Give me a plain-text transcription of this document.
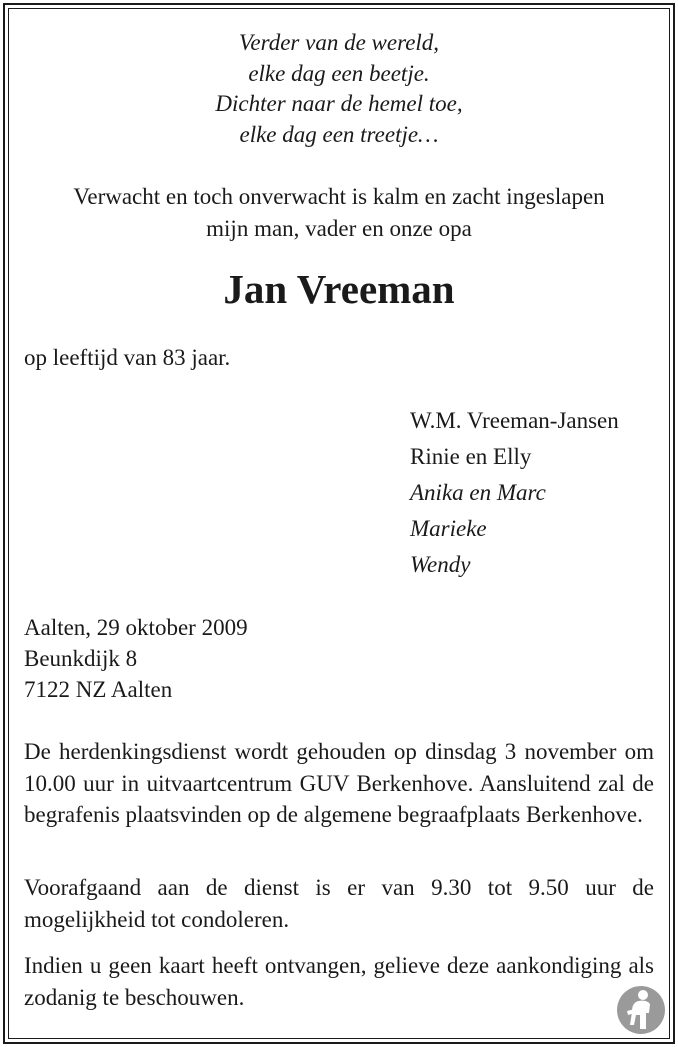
Verder van de wereld,
elke dag een beetje.
Dichter naar de hemel toe,
elke dag een treetje…
Verwacht en toch onverwacht is kalm en zacht ingeslapen
mijn man, vader en onze opa
Jan Vreeman
op leeftijd van 83 jaar.
W.M. Vreeman-Jansen
Rinie en Elly
Anika en Marc
Marieke
Wendy
Aalten, 29 oktober 2009
Beunkdijk 8
7122 NZ Aalten
De herdenkingsdienst wordt gehouden op dinsdag 3 november om 10.00 uur in uitvaartcentrum GUV Berkenhove. Aansluitend zal de begrafenis plaatsvinden op de algemene begraafplaats Berkenhove.
Voorafgaand aan de dienst is er van 9.30 tot 9.50 uur de mogelijkheid tot condoleren.
Indien u geen kaart heeft ontvangen, gelieve deze aankondiging als zodanig te beschouwen.
